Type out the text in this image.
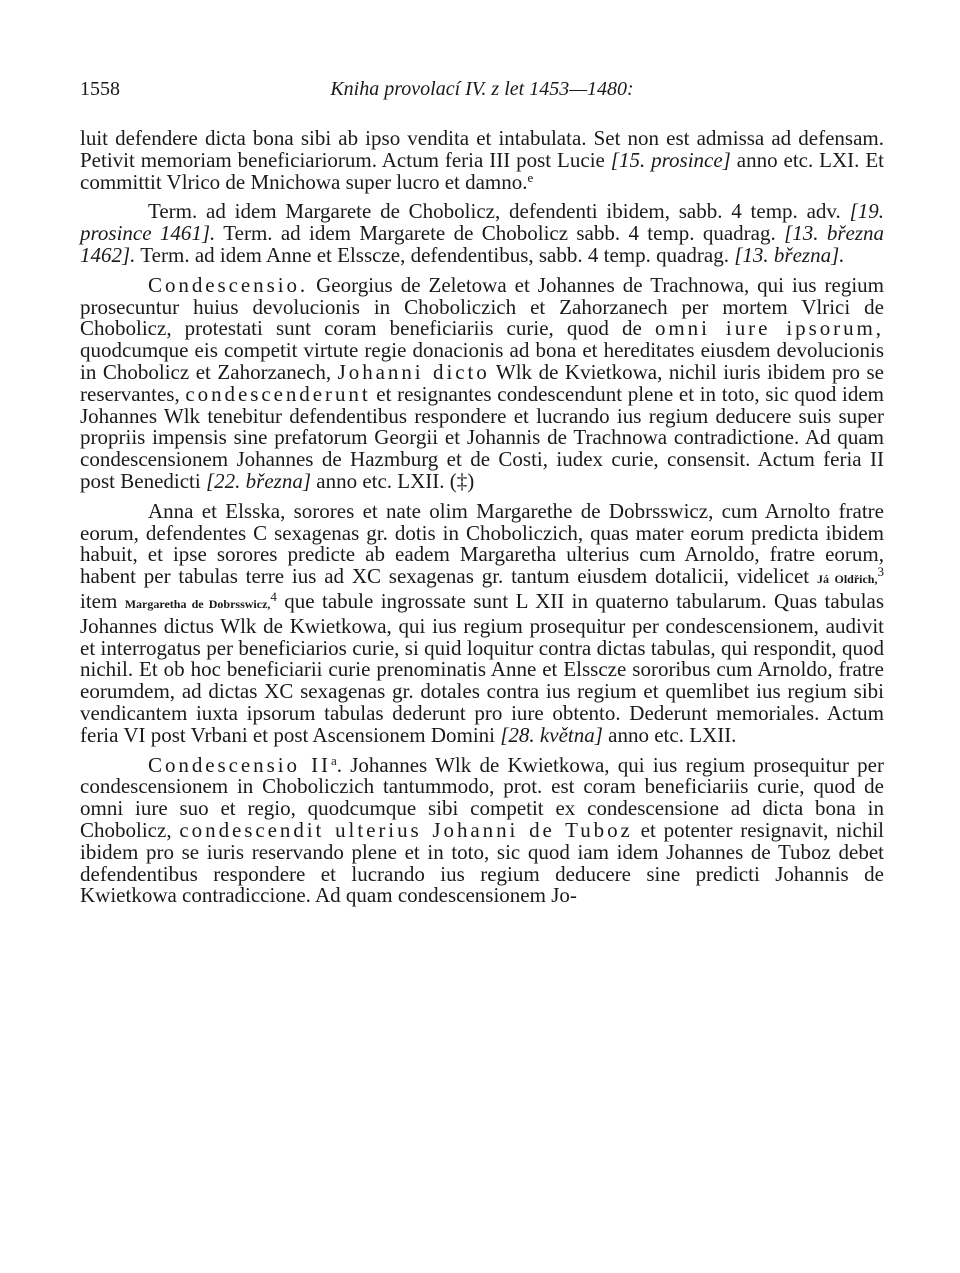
1558	Kniha provolací IV. z let 1453—1480:

luit defendere dicta bona sibi ab ipso vendita et intabulata. Set non est admissa ad defensam. Petivit memoriam beneficiariorum. Actum feria III post Lucie [15. prosince] anno etc. LXI. Et committit Vlrico de Mnichowa super lucro et damno.$^e$

Term. ad idem Margarete de Chobolicz, defendenti ibidem, sabb. 4 temp. adv. [19. prosince 1461]. Term. ad idem Margarete de Chobolicz sabb. 4 temp. quadrag. [13. března 1462]. Term. ad idem Anne et Elsscze, defendentibus, sabb. 4 temp. quadrag. [13. března].

Condescensio. Georgius de Zeletowa et Johannes de Trachnowa, qui ius regium prosecuntur huius devolucionis in Choboliczich et Zahorzanech per mortem Vlrici de Chobolicz, protestati sunt coram beneficiariis curie, quod de omni iure ipsorum, quodcumque eis competit virtute regie donacionis ad bona et hereditates eiusdem devolucionis in Chobolicz et Zahorzanech, Johanni dicto Wlk de Kvietkowa, nichil iuris ibidem pro se reservantes, condescenderunt et resignantes condescendunt plene et in toto, sic quod idem Johannes Wlk tenebitur defendentibus respondere et lucrando ius regium deducere suis super propriis impensis sine prefatorum Georgii et Johannis de Trachnowa contradictione. Ad quam condescensionem Johannes de Hazmburg et de Costi, iudex curie, consensit. Actum feria II post Benedicti [22. března] anno etc. LXII. (‡)

Anna et Elsska, sorores et nate olim Margarethe de Dobrsswicz, cum Arnolto fratre eorum, defendentes C sexagenas gr. dotis in Choboliczich, quas mater eorum predicta ibidem habuit, et ipse sorores predicte ab eadem Margaretha ulterius cum Arnoldo, fratre eorum, habent per tabulas terre ius ad XC sexagenas gr. tantum eiusdem dotalicii, videlicet Já Oldřich,$^3$ item Margaretha de Dobrsswicz,$^4$ que tabule ingrossate sunt L XII in quaterno tabularum. Quas tabulas Johannes dictus Wlk de Kwietkowa, qui ius regium prosequitur per condescensionem, audivit et interrogatus per beneficiarios curie, si quid loquitur contra dictas tabulas, qui respondit, quod nichil. Et ob hoc beneficiarii curie prenominatis Anne et Elsscze sororibus cum Arnoldo, fratre eorumdem, ad dictas XC sexagenas gr. dotales contra ius regium et quemlibet ius regium sibi vendicantem iuxta ipsorum tabulas dederunt pro iure obtento. Dederunt memoriales. Actum feria VI post Vrbani et post Ascensionem Domini [28. května] anno etc. LXII.

Condescensio $II^a$. Johannes Wlk de Kwietkowa, qui ius regium prosequitur per condescensionem in Choboliczich tantummodo, prot. est coram beneficiariis curie, quod de omni iure suo et regio, quodcumque sibi competit ex condescensione ad dicta bona in Chobolicz, condescendit ulterius Johanni de Tuboz et potenter resignavit, nichil ibidem pro se iuris reservando plene et in toto, sic quod iam idem Johannes de Tuboz debet defendentibus respondere et lucrando ius regium deducere sine predicti Johannis de Kwietkowa contradiccione. Ad quam condescensionem Jo-
